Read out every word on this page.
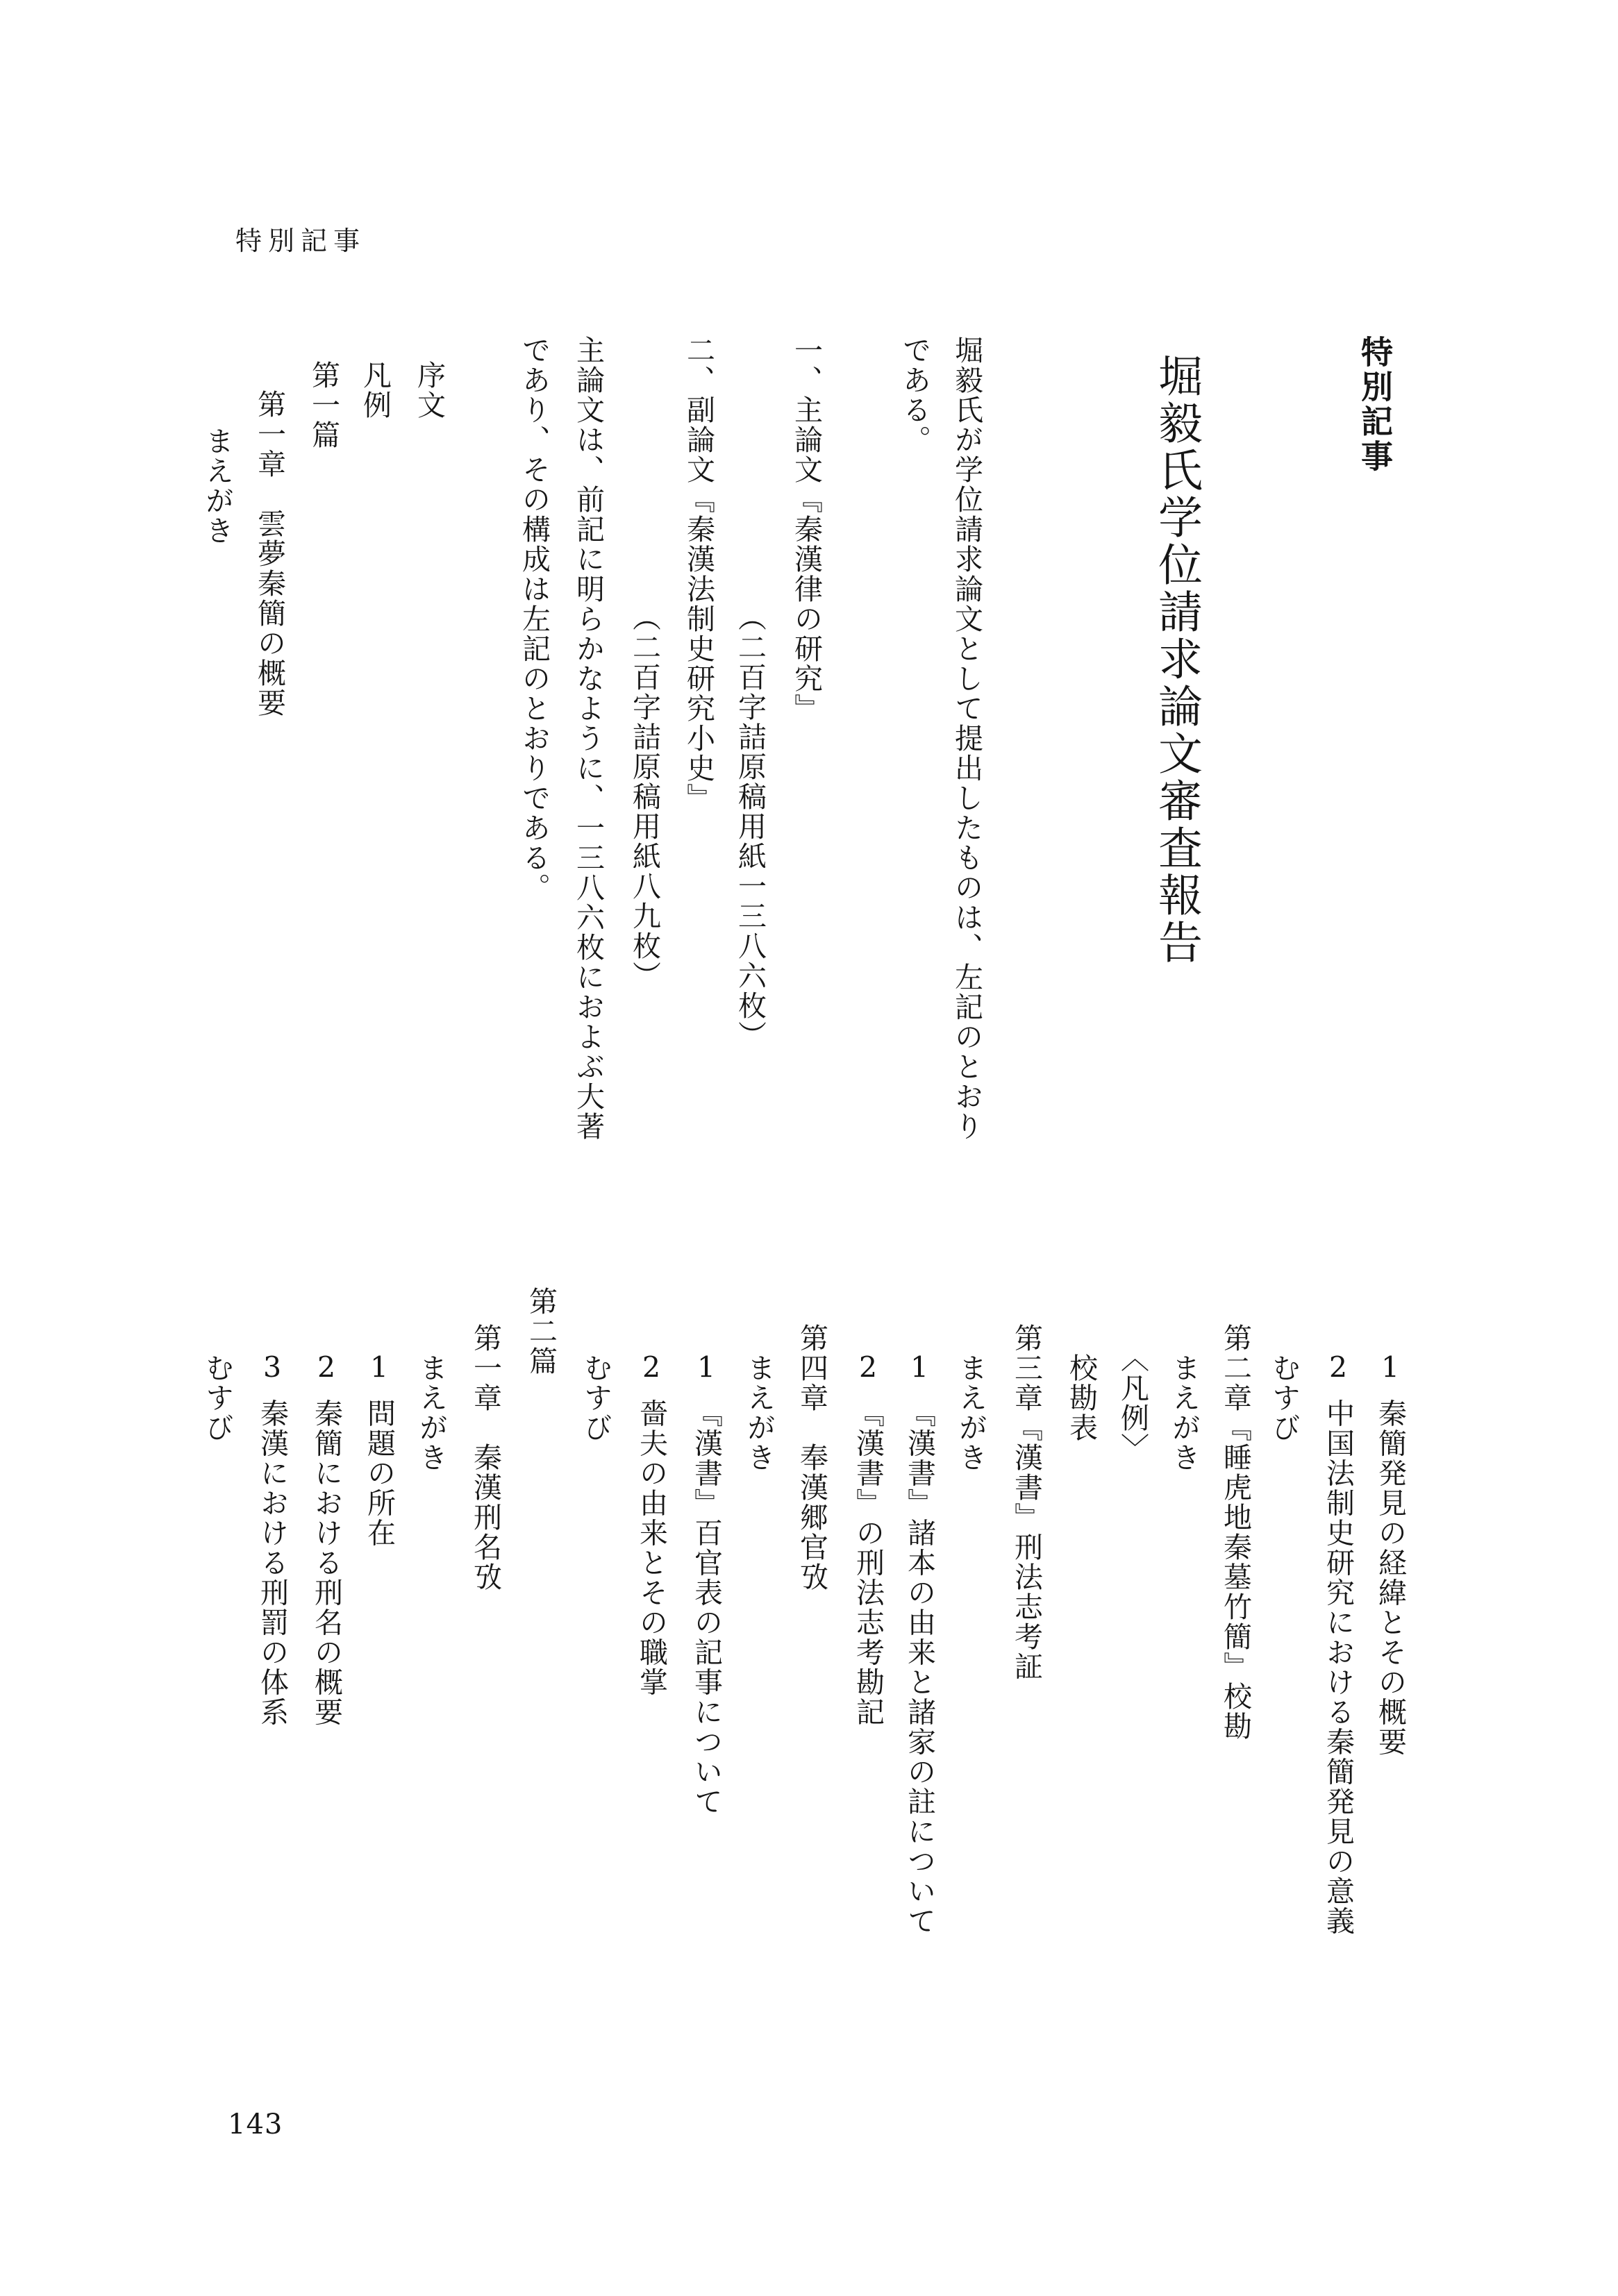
特別記事
特別記事
堀毅氏学位請求論文審査報告
堀毅氏が学位請求論文として提出したものは、左記のとおり
である。
一、主論文『秦漢律の研究』
（二百字詰原稿用紙一三八六枚）
二、副論文『秦漢法制史研究小史』
（二百字詰原稿用紙八九枚）
主論文は、前記に明らかなように、一三八六枚におよぶ大著
であり、その構成は左記のとおりである。
序文
凡例
第一篇
第一章　雲夢秦簡の概要
まえがき
1秦簡発見の経緯とその概要
2中国法制史研究における秦簡発見の意義
むすび
第二章『睡虎地秦墓竹簡』校勘
まえがき
〈凡例〉
校勘表
第三章『漢書』刑法志考証
まえがき
1『漢書』諸本の由来と諸家の註について
2『漢書』の刑法志考勘記
第四章　奉漢郷官攷
まえがき
1『漢書』百官表の記事について
2嗇夫の由来とその職掌
むすび
第二篇
第一章　秦漢刑名攷
まえがき
1問題の所在
2秦簡における刑名の概要
3秦漢における刑罰の体系
むすび
143
